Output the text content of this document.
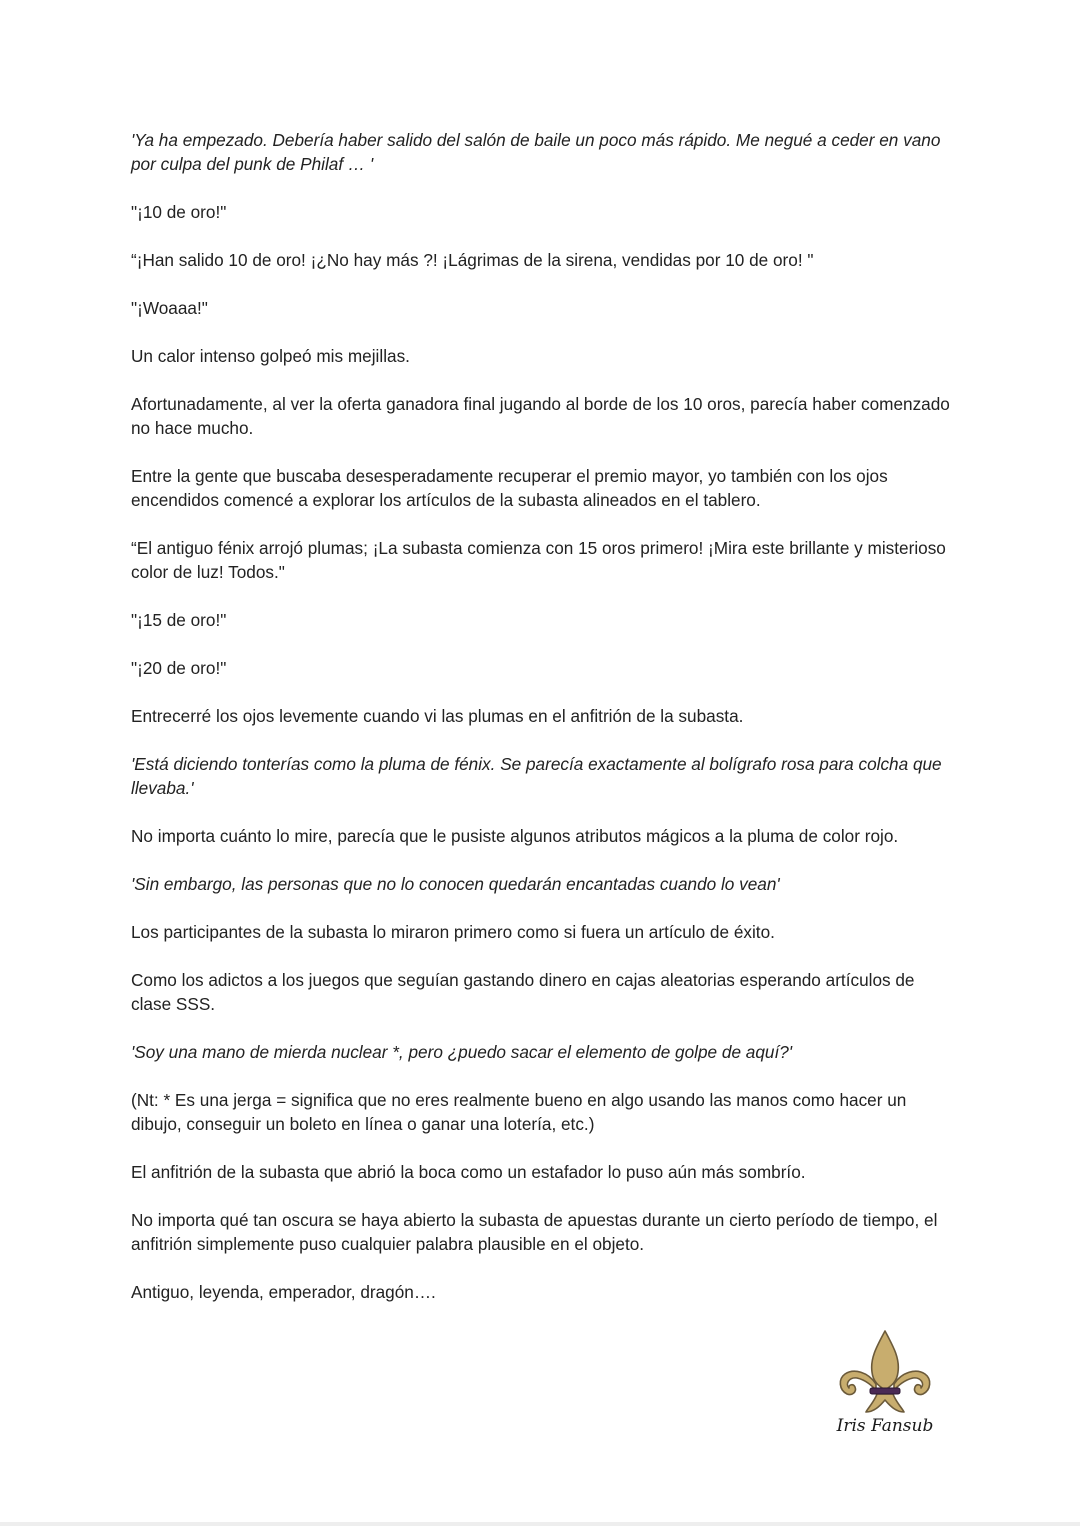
'Ya ha empezado. Debería haber salido del salón de baile un poco más rápido. Me negué a ceder en vano por culpa del punk de Philaf … '

"¡10 de oro!"

“¡Han salido 10 de oro! ¡¿No hay más ?! ¡Lágrimas de la sirena, vendidas por 10 de oro! "

"¡Woaaa!"

Un calor intenso golpeó mis mejillas.

Afortunadamente, al ver la oferta ganadora final jugando al borde de los 10 oros, parecía haber comenzado no hace mucho.

Entre la gente que buscaba desesperadamente recuperar el premio mayor, yo también con los ojos encendidos comencé a explorar los artículos de la subasta alineados en el tablero.

“El antiguo fénix arrojó plumas; ¡La subasta comienza con 15 oros primero! ¡Mira este brillante y misterioso color de luz! Todos."

"¡15 de oro!"

"¡20 de oro!"

Entrecerré los ojos levemente cuando vi las plumas en el anfitrión de la subasta.

'Está diciendo tonterías como la pluma de fénix. Se parecía exactamente al bolígrafo rosa para colcha que llevaba.'

No importa cuánto lo mire, parecía que le pusiste algunos atributos mágicos a la pluma de color rojo.

'Sin embargo, las personas que no lo conocen quedarán encantadas cuando lo vean'

Los participantes de la subasta lo miraron primero como si fuera un artículo de éxito.

Como los adictos a los juegos que seguían gastando dinero en cajas aleatorias esperando artículos de clase SSS.

'Soy una mano de mierda nuclear *, pero ¿puedo sacar el elemento de golpe de aquí?'

(Nt: * Es una jerga = significa que no eres realmente bueno en algo usando las manos como hacer un dibujo, conseguir un boleto en línea o ganar una lotería, etc.)

El anfitrión de la subasta que abrió la boca como un estafador lo puso aún más sombrío.

No importa qué tan oscura se haya abierto la subasta de apuestas durante un cierto período de tiempo, el anfitrión simplemente puso cualquier palabra plausible en el objeto.

Antiguo, leyenda, emperador, dragón….

Iris Fansub
